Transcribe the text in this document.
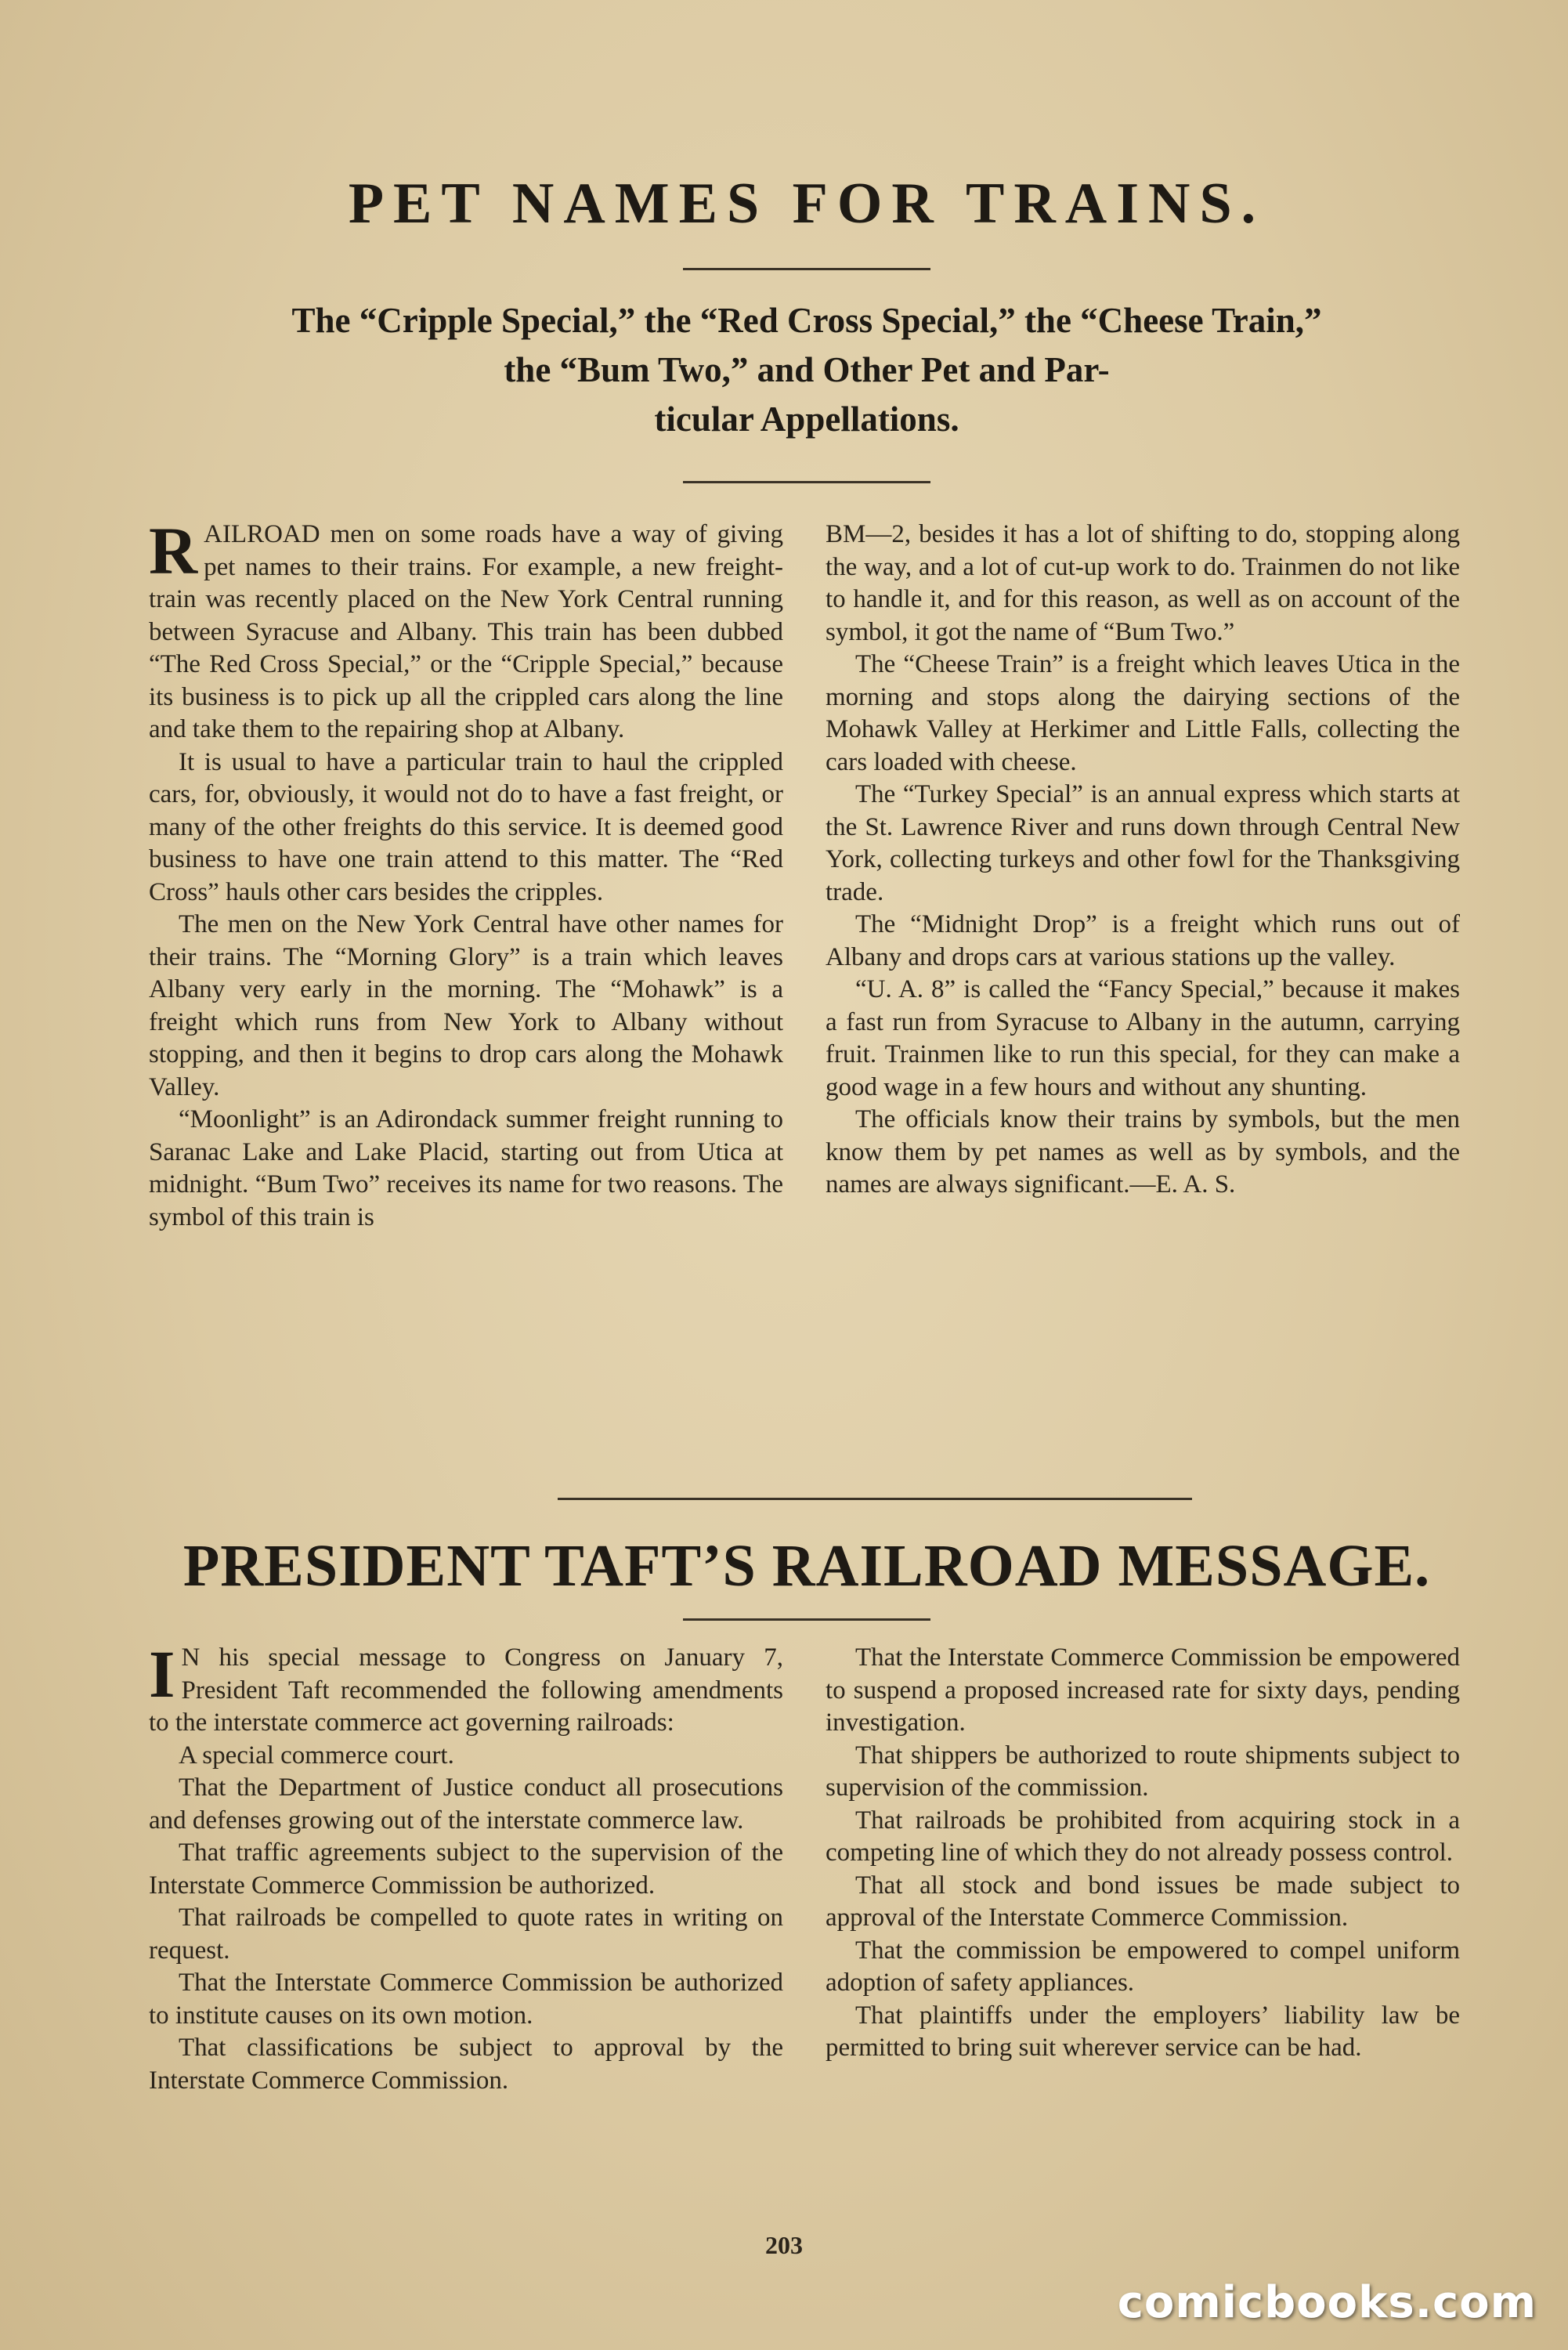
PET NAMES FOR TRAINS.
The “Cripple Special,” the “Red Cross Special,” the “Cheese Train,”
the “Bum Two,” and Other Pet and Par-
ticular Appellations.

RAILROAD men on some roads have a way of giving pet names to their trains. For example, a new freight-train was recently placed on the New York Central running between Syracuse and Albany. This train has been dubbed “The Red Cross Special,” or the “Cripple Special,” because its business is to pick up all the crippled cars along the line and take them to the repairing shop at Albany.

It is usual to have a particular train to haul the crippled cars, for, obviously, it would not do to have a fast freight, or many of the other freights do this service. It is deemed good business to have one train attend to this matter. The “Red Cross” hauls other cars besides the cripples.

The men on the New York Central have other names for their trains. The “Morning Glory” is a train which leaves Albany very early in the morning. The “Mohawk” is a freight which runs from New York to Albany without stopping, and then it begins to drop cars along the Mohawk Valley.

“Moonlight” is an Adirondack summer freight running to Saranac Lake and Lake Placid, starting out from Utica at midnight. “Bum Two” receives its name for two reasons. The symbol of this train is

BM—2, besides it has a lot of shifting to do, stopping along the way, and a lot of cut-up work to do. Trainmen do not like to handle it, and for this reason, as well as on account of the symbol, it got the name of “Bum Two.”

The “Cheese Train” is a freight which leaves Utica in the morning and stops along the dairying sections of the Mohawk Valley at Herkimer and Little Falls, collecting the cars loaded with cheese.

The “Turkey Special” is an annual express which starts at the St. Lawrence River and runs down through Central New York, collecting turkeys and other fowl for the Thanksgiving trade.

The “Midnight Drop” is a freight which runs out of Albany and drops cars at various stations up the valley.

“U. A. 8” is called the “Fancy Special,” because it makes a fast run from Syracuse to Albany in the autumn, carrying fruit. Trainmen like to run this special, for they can make a good wage in a few hours and without any shunting.

The officials know their trains by symbols, but the men know them by pet names as well as by symbols, and the names are always significant.—E. A. S.

PRESIDENT TAFT’S RAILROAD MESSAGE.

I N his special message to Congress on January 7, President Taft recommended the following amendments to the interstate commerce act governing railroads:

A special commerce court.

That the Department of Justice conduct all prosecutions and defenses growing out of the interstate commerce law.

That traffic agreements subject to the supervision of the Interstate Commerce Commission be authorized.

That railroads be compelled to quote rates in writing on request.

That the Interstate Commerce Commission be authorized to institute causes on its own motion.

That classifications be subject to approval by the Interstate Commerce Commission.

That the Interstate Commerce Commission be empowered to suspend a proposed increased rate for sixty days, pending investigation.

That shippers be authorized to route shipments subject to supervision of the commission.

That railroads be prohibited from acquiring stock in a competing line of which they do not already possess control.

That all stock and bond issues be made subject to approval of the Interstate Commerce Commission.

That the commission be empowered to compel uniform adoption of safety appliances.

That plaintiffs under the employers’ liability law be permitted to bring suit wherever service can be had.

203
comicbooks.com
